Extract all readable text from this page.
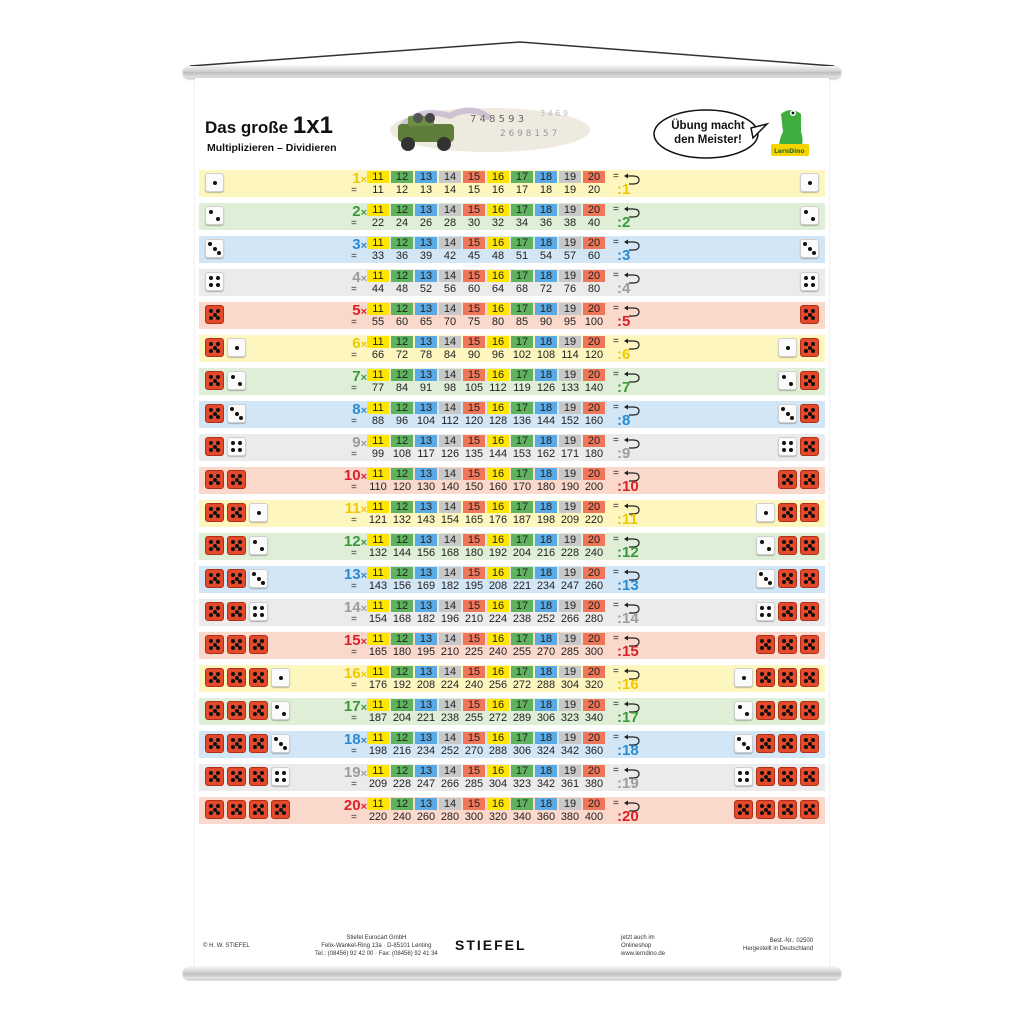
Das große 1x1
Multiplizieren – Dividieren
7 4 8 5 9 3
2 6 9 8 1 5 7
3 4 6 9
LernDino
Übung macht
den Meister!
1×
=
11
11
12
12
13
13
14
14
15
15
16
16
17
17
18
18
19
19
20
20
=
:1
2×
=
11
22
12
24
13
26
14
28
15
30
16
32
17
34
18
36
19
38
20
40
=
:2
3×
=
11
33
12
36
13
39
14
42
15
45
16
48
17
51
18
54
19
57
20
60
=
:3
4×
=
11
44
12
48
13
52
14
56
15
60
16
64
17
68
18
72
19
76
20
80
=
:4
5×
=
11
55
12
60
13
65
14
70
15
75
16
80
17
85
18
90
19
95
20
100
=
:5
6×
=
11
66
12
72
13
78
14
84
15
90
16
96
17
102
18
108
19
114
20
120
=
:6
7×
=
11
77
12
84
13
91
14
98
15
105
16
112
17
119
18
126
19
133
20
140
=
:7
8×
=
11
88
12
96
13
104
14
112
15
120
16
128
17
136
18
144
19
152
20
160
=
:8
9×
=
11
99
12
108
13
117
14
126
15
135
16
144
17
153
18
162
19
171
20
180
=
:9
10×
=
11
110
12
120
13
130
14
140
15
150
16
160
17
170
18
180
19
190
20
200
=
:10
11×
=
11
121
12
132
13
143
14
154
15
165
16
176
17
187
18
198
19
209
20
220
=
:11
12×
=
11
132
12
144
13
156
14
168
15
180
16
192
17
204
18
216
19
228
20
240
=
:12
13×
=
11
143
12
156
13
169
14
182
15
195
16
208
17
221
18
234
19
247
20
260
=
:13
14×
=
11
154
12
168
13
182
14
196
15
210
16
224
17
238
18
252
19
266
20
280
=
:14
15×
=
11
165
12
180
13
195
14
210
15
225
16
240
17
255
18
270
19
285
20
300
=
:15
16×
=
11
176
12
192
13
208
14
224
15
240
16
256
17
272
18
288
19
304
20
320
=
:16
17×
=
11
187
12
204
13
221
14
238
15
255
16
272
17
289
18
306
19
323
20
340
=
:17
18×
=
11
198
12
216
13
234
14
252
15
270
16
288
17
306
18
324
19
342
20
360
=
:18
19×
=
11
209
12
228
13
247
14
266
15
285
16
304
17
323
18
342
19
361
20
380
=
:19
20×
=
11
220
12
240
13
260
14
280
15
300
16
320
17
340
18
360
19
380
20
400
=
:20
© H. W. STIEFEL
Stiefel Eurocart GmbH
Felix-Wankel-Ring 13a · D-85101 Lenting
Tel.: (08456) 92 42 00 · Fax: (08456) 92 41 34
STIEFEL	jetzt auch im
Onlineshop
www.lerndino.de
Best.-Nr.: 02500
Hergestellt in Deutschland
